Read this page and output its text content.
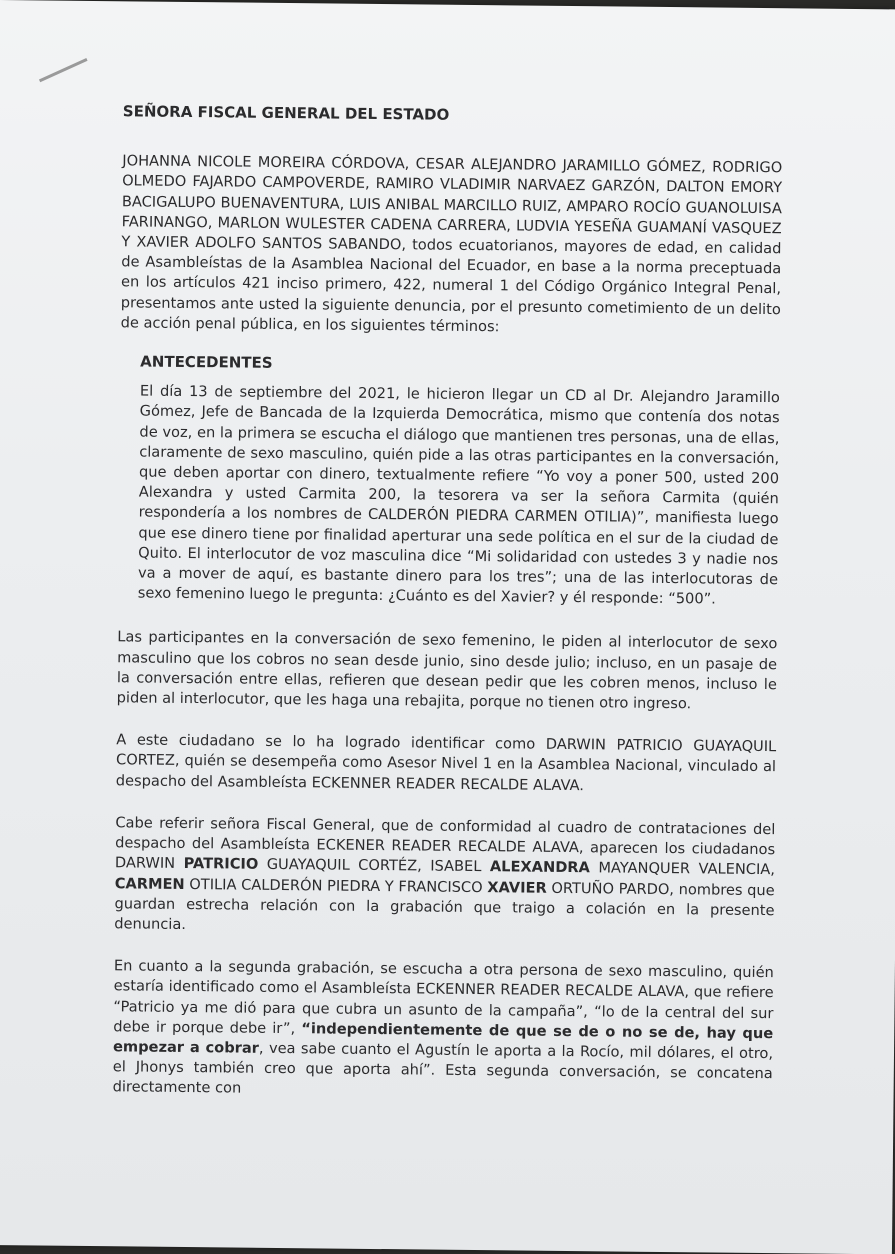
SEÑORA FISCAL GENERAL DEL ESTADO

JOHANNA NICOLE MOREIRA CÓRDOVA, CESAR ALEJANDRO JARAMILLO GÓMEZ, RODRIGO OLMEDO FAJARDO CAMPOVERDE, RAMIRO VLADIMIR NARVAEZ GARZÓN, DALTON EMORY BACIGALUPO BUENAVENTURA, LUIS ANIBAL MARCILLO RUIZ, AMPARO ROCÍO GUANOLUISA FARINANGO, MARLON WULESTER CADENA CARRERA, LUDVIA YESEÑA GUAMANÍ VASQUEZ Y XAVIER ADOLFO SANTOS SABANDO, todos ecuatorianos, mayores de edad, en calidad de Asambleístas de la Asamblea Nacional del Ecuador, en base a la norma preceptuada en los artículos 421 inciso primero, 422, numeral 1 del Código Orgánico Integral Penal, presentamos ante usted la siguiente denuncia, por el presunto cometimiento de un delito de acción penal pública, en los siguientes términos:

ANTECEDENTES

El día 13 de septiembre del 2021, le hicieron llegar un CD al Dr. Alejandro Jaramillo Gómez, Jefe de Bancada de la Izquierda Democrática, mismo que contenía dos notas de voz, en la primera se escucha el diálogo que mantienen tres personas, una de ellas, claramente de sexo masculino, quién pide a las otras participantes en la conversación, que deben aportar con dinero, textualmente refiere “Yo voy a poner 500, usted 200 Alexandra y usted Carmita 200, la tesorera va ser la señora Carmita (quién respondería a los nombres de CALDERÓN PIEDRA CARMEN OTILIA)”, manifiesta luego que ese dinero tiene por finalidad aperturar una sede política en el sur de la ciudad de Quito. El interlocutor de voz masculina dice “Mi solidaridad con ustedes 3 y nadie nos va a mover de aquí, es bastante dinero para los tres”; una de las interlocutoras de sexo femenino luego le pregunta: ¿Cuánto es del Xavier? y él responde: “500”.

Las participantes en la conversación de sexo femenino, le piden al interlocutor de sexo masculino que los cobros no sean desde junio, sino desde julio; incluso, en un pasaje de la conversación entre ellas, refieren que desean pedir que les cobren menos, incluso le piden al interlocutor, que les haga una rebajita, porque no tienen otro ingreso.

A este ciudadano se lo ha logrado identificar como DARWIN PATRICIO GUAYAQUIL CORTEZ, quién se desempeña como Asesor Nivel 1 en la Asamblea Nacional, vinculado al despacho del Asambleísta ECKENNER READER RECALDE ALAVA.

Cabe referir señora Fiscal General, que de conformidad al cuadro de contrataciones del despacho del Asambleísta ECKENER READER RECALDE ALAVA, aparecen los ciudadanos DARWIN PATRICIO GUAYAQUIL CORTÉZ, ISABEL ALEXANDRA MAYANQUER VALENCIA, CARMEN OTILIA CALDERÓN PIEDRA Y FRANCISCO XAVIER ORTUÑO PARDO, nombres que guardan estrecha relación con la grabación que traigo a colación en la presente denuncia.

En cuanto a la segunda grabación, se escucha a otra persona de sexo masculino, quién estaría identificado como el Asambleísta ECKENNER READER RECALDE ALAVA, que refiere “Patricio ya me dió para que cubra un asunto de la campaña”, “lo de la central del sur debe ir porque debe ir”, “independientemente de que se de o no se de, hay que empezar a cobrar, vea sabe cuanto el Agustín le aporta a la Rocío, mil dólares, el otro, el Jhonys también creo que aporta ahí”. Esta segunda conversación, se concatena directamente con
